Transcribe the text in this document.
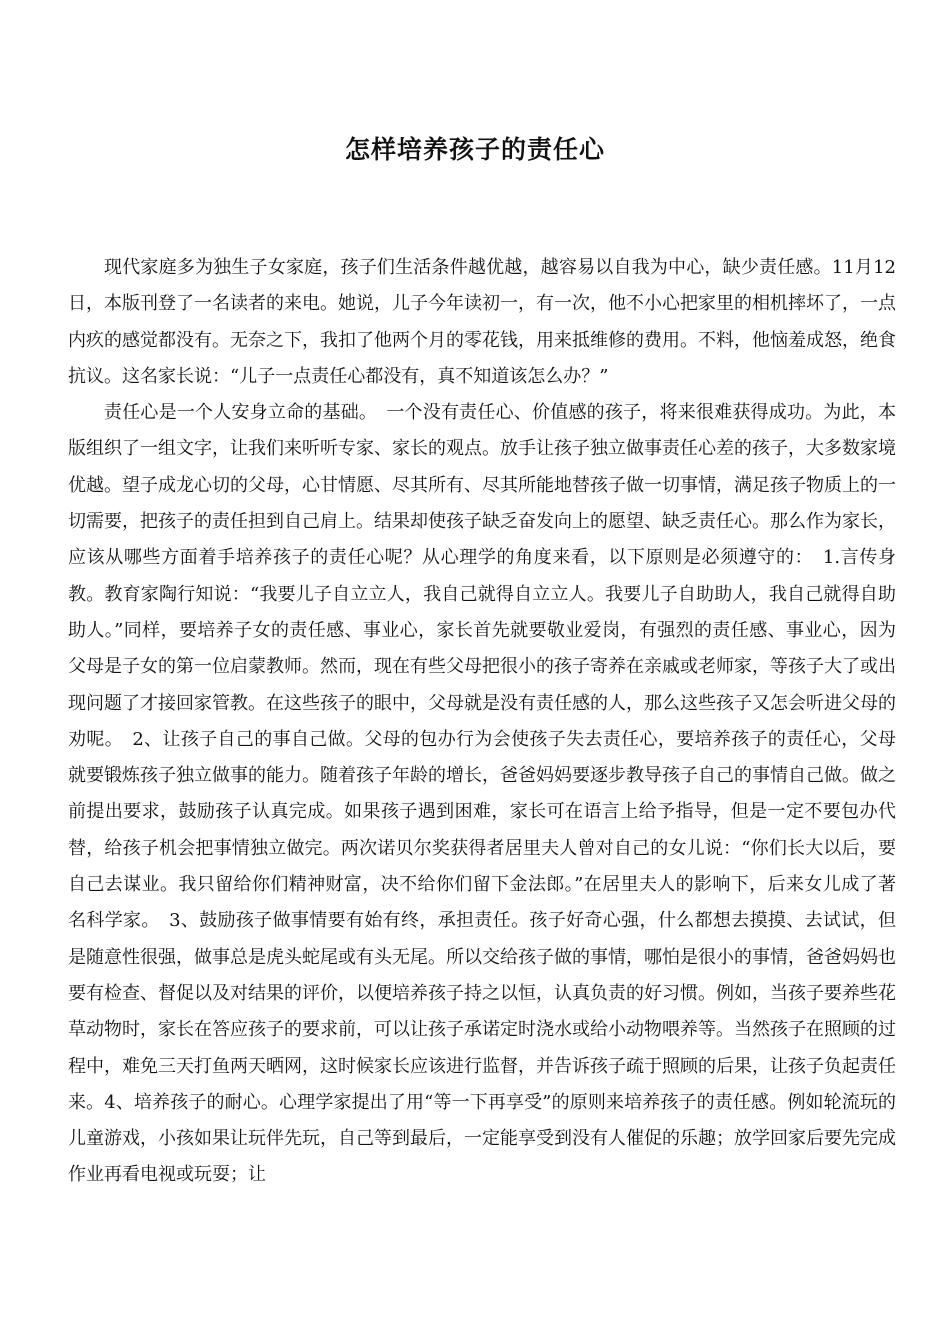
怎样培养孩子的责任心

现代家庭多为独生子女家庭，孩子们生活条件越优越，越容易以自我为中心，缺少责任感。11月12日，本版刊登了一名读者的来电。她说，儿子今年读初一，有一次，他不小心把家里的相机摔坏了，一点内疚的感觉都没有。无奈之下，我扣了他两个月的零花钱，用来抵维修的费用。不料，他恼羞成怒，绝食抗议。这名家长说：“儿子一点责任心都没有，真不知道该怎么办？”

责任心是一个人安身立命的基础。　一个没有责任心、价值感的孩子，将来很难获得成功。为此，本版组织了一组文字，让我们来听听专家、家长的观点。放手让孩子独立做事责任心差的孩子，大多数家境优越。望子成龙心切的父母，心甘情愿、尽其所有、尽其所能地替孩子做一切事情，满足孩子物质上的一切需要，把孩子的责任担到自己肩上。结果却使孩子缺乏奋发向上的愿望、缺乏责任心。那么作为家长，应该从哪些方面着手培养孩子的责任心呢？从心理学的角度来看，以下原则是必须遵守的：　1.言传身教。教育家陶行知说：“我要儿子自立立人，我自己就得自立立人。我要儿子自助助人，我自己就得自助助人。”同样，要培养子女的责任感、事业心，家长首先就要敬业爱岗，有强烈的责任感、事业心，因为父母是子女的第一位启蒙教师。然而，现在有些父母把很小的孩子寄养在亲戚或老师家，等孩子大了或出现问题了才接回家管教。在这些孩子的眼中，父母就是没有责任感的人，那么这些孩子又怎会听进父母的劝呢。　2、让孩子自己的事自己做。父母的包办行为会使孩子失去责任心，要培养孩子的责任心，父母就要锻炼孩子独立做事的能力。随着孩子年龄的增长，爸爸妈妈要逐步教导孩子自己的事情自己做。做之前提出要求，鼓励孩子认真完成。如果孩子遇到困难，家长可在语言上给予指导，但是一定不要包办代替，给孩子机会把事情独立做完。两次诺贝尔奖获得者居里夫人曾对自己的女儿说：“你们长大以后，要自己去谋业。我只留给你们精神财富，决不给你们留下金法郎。”在居里夫人的影响下，后来女儿成了著名科学家。　3、鼓励孩子做事情要有始有终，承担责任。孩子好奇心强，什么都想去摸摸、去试试，但是随意性很强，做事总是虎头蛇尾或有头无尾。所以交给孩子做的事情，哪怕是很小的事情，爸爸妈妈也要有检查、督促以及对结果的评价，以便培养孩子持之以恒，认真负责的好习惯。例如，当孩子要养些花草动物时，家长在答应孩子的要求前，可以让孩子承诺定时浇水或给小动物喂养等。当然孩子在照顾的过程中，难免三天打鱼两天晒网，这时候家长应该进行监督，并告诉孩子疏于照顾的后果，让孩子负起责任来。4、培养孩子的耐心。心理学家提出了用“等一下再享受”的原则来培养孩子的责任感。例如轮流玩的儿童游戏，小孩如果让玩伴先玩，自己等到最后，一定能享受到没有人催促的乐趣；放学回家后要先完成作业再看电视或玩耍；让
